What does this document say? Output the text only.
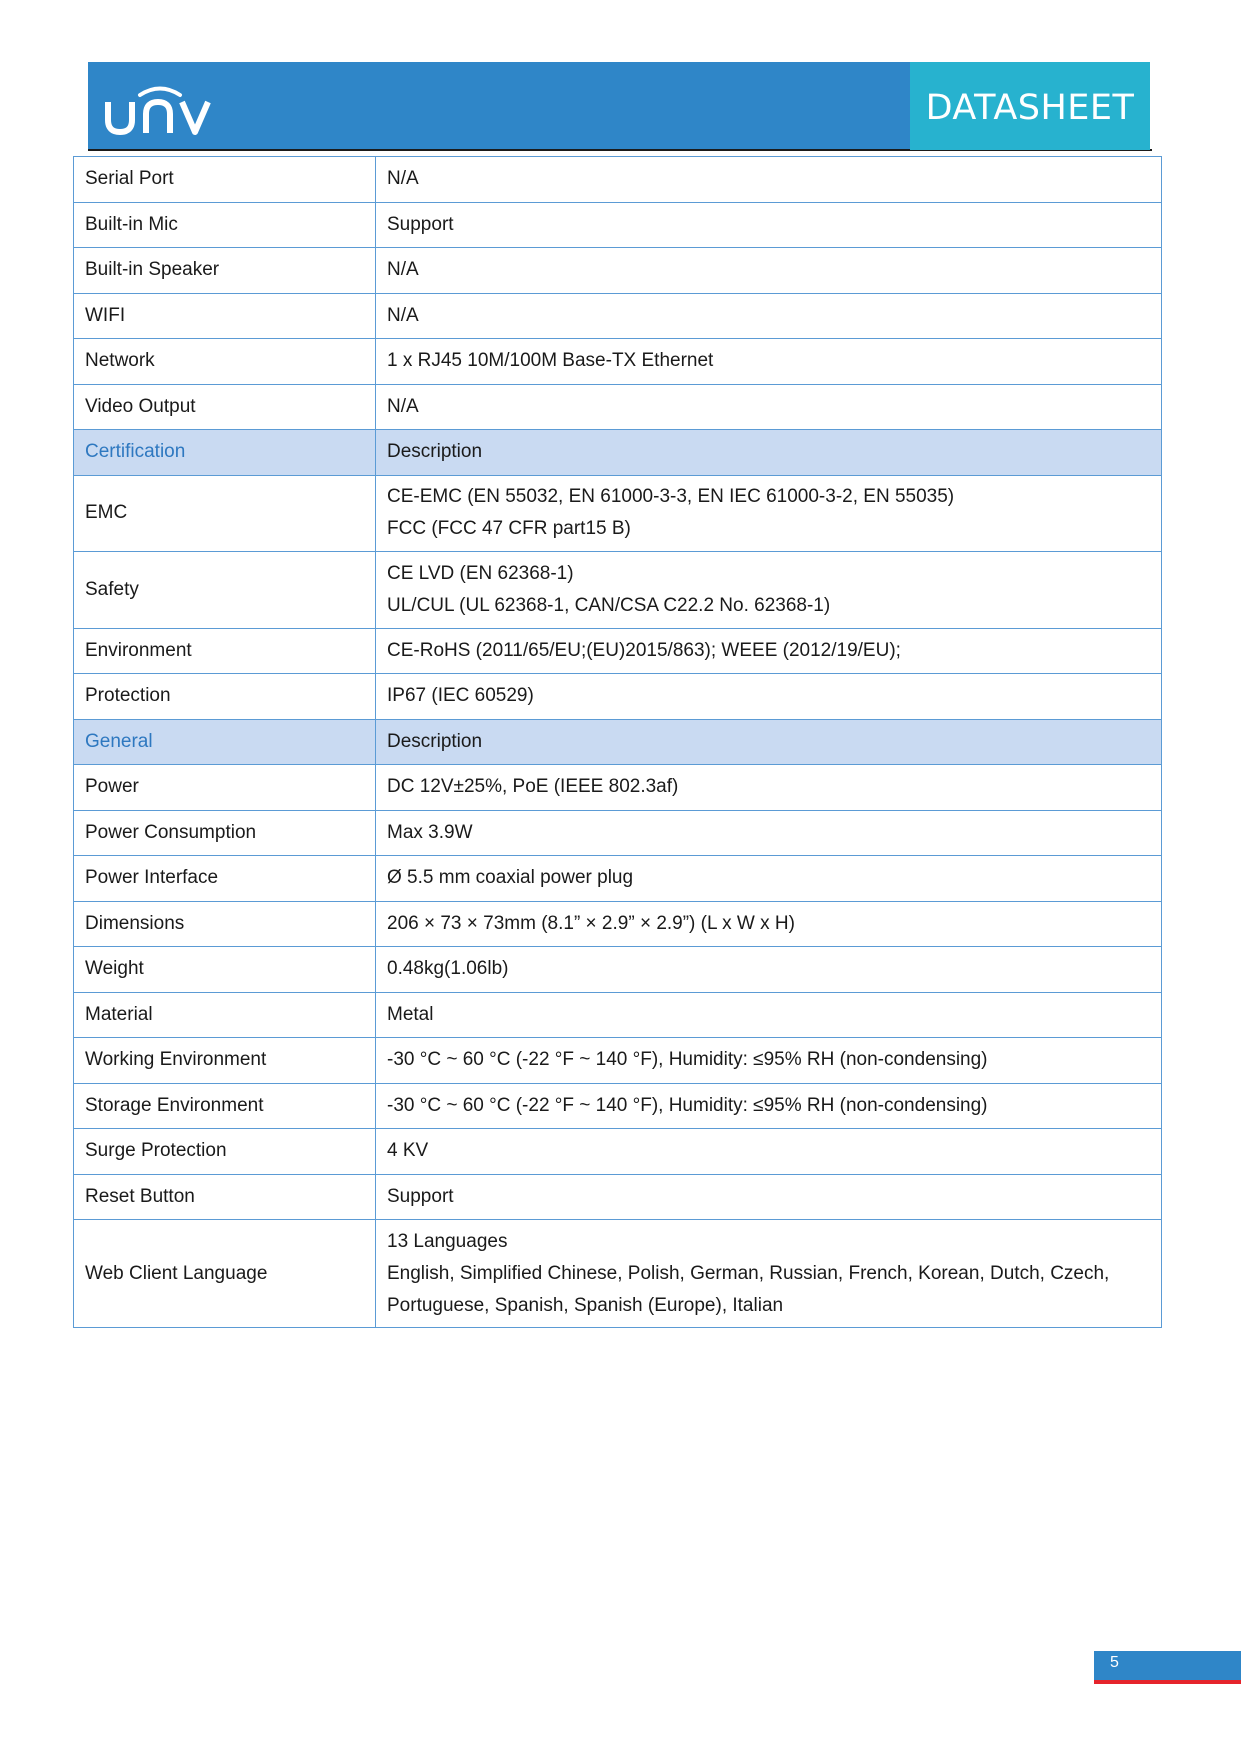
DATASHEET
Serial Port	N/A

Built-in Mic	Support

Built-in Speaker	N/A

WIFI	N/A

Network	1 x RJ45 10M/100M Base-TX Ethernet

Video Output	N/A

Certification	Description

EMC	CE-EMC (EN 55032, EN 61000-3-3, EN IEC 61000-3-2, EN 55035)
FCC (FCC 47 CFR part15 B)

Safety	CE LVD (EN 62368-1)
UL/CUL (UL 62368-1, CAN/CSA C22.2 No. 62368-1)

Environment	CE-RoHS (2011/65/EU;(EU)2015/863); WEEE (2012/19/EU);

Protection	IP67 (IEC 60529)

General	Description

Power	DC 12V±25%, PoE (IEEE 802.3af)

Power Consumption	Max 3.9W

Power Interface	Ø 5.5 mm coaxial power plug

Dimensions	206 × 73 × 73mm (8.1” × 2.9” × 2.9”) (L x W x H)

Weight	0.48kg(1.06lb)

Material	Metal

Working Environment	-30 °C ~ 60 °C (-22 °F ~ 140 °F), Humidity: ≤95% RH (non-condensing)

Storage Environment	-30 °C ~ 60 °C (-22 °F ~ 140 °F), Humidity: ≤95% RH (non-condensing)

Surge Protection	4 KV

Reset Button	Support

Web Client Language	13 Languages
English, Simplified Chinese, Polish, German, Russian, French, Korean, Dutch, Czech,
Portuguese, Spanish, Spanish (Europe), Italian
5
